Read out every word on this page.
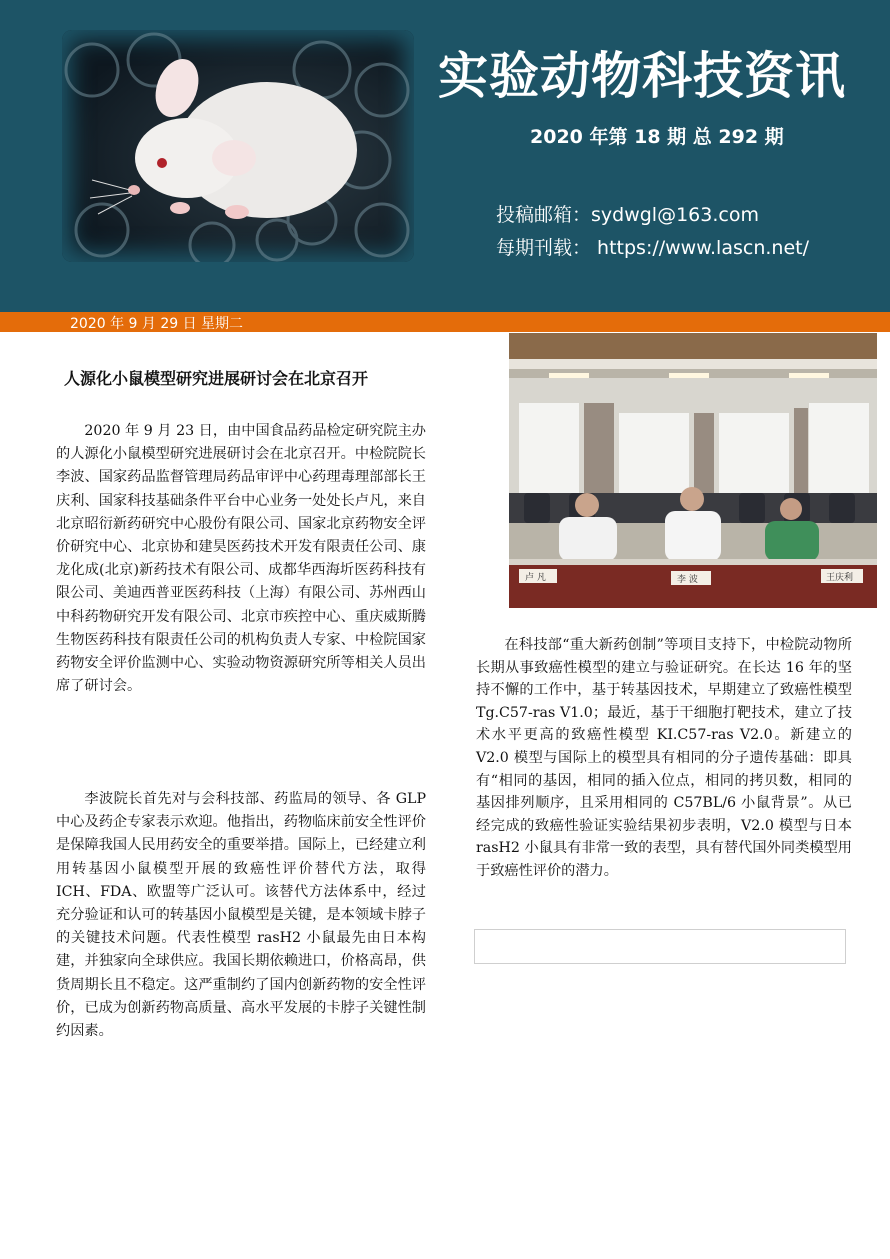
实验动物科技资讯
2020 年第 18 期 总 292 期
投稿邮箱：sydwgl@163.com
每期刊载： https://www.lascn.net/
2020 年 9 月 29 日 星期二
人源化小鼠模型研究进展研讨会在北京召开

2020 年 9 月 23 日，由中国食品药品检定研究院主办的人源化小鼠模型研究进展研讨会在北京召开。中检院院长李波、国家药品监督管理局药品审评中心药理毒理部部长王庆利、国家科技基础条件平台中心业务一处处长卢凡，来自北京昭衍新药研究中心股份有限公司、国家北京药物安全评价研究中心、北京协和建昊医药技术开发有限责任公司、康龙化成(北京)新药技术有限公司、成都华西海圻医药科技有限公司、美迪西普亚医药科技（上海）有限公司、苏州西山中科药物研究开发有限公司、北京市疾控中心、重庆威斯腾生物医药科技有限责任公司的机构负责人专家、中检院国家药物安全评价监测中心、实验动物资源研究所等相关人员出席了研讨会。

李波院长首先对与会科技部、药监局的领导、各 GLP 中心及药企专家表示欢迎。他指出，药物临床前安全性评价是保障我国人民用药安全的重要举措。国际上，已经建立利用转基因小鼠模型开展的致癌性评价替代方法，取得 ICH、FDA、欧盟等广泛认可。该替代方法体系中，经过充分验证和认可的转基因小鼠模型是关键，是本领域卡脖子的关键技术问题。代表性模型 rasH2 小鼠最先由日本构建，并独家向全球供应。我国长期依赖进口，价格高昂，供货周期长且不稳定。这严重制约了国内创新药物的安全性评价，已成为创新药物高质量、高水平发展的卡脖子关键性制约因素。

卢 凡	李 波	王庆利

在科技部“重大新药创制”等项目支持下，中检院动物所长期从事致癌性模型的建立与验证研究。在长达 16 年的坚持不懈的工作中，基于转基因技术，早期建立了致癌性模型 Tg.C57-ras V1.0；最近，基于干细胞打靶技术，建立了技术水平更高的致癌性模型 KI.C57-ras V2.0。新建立的 V2.0 模型与国际上的模型具有相同的分子遗传基础：即具有“相同的基因，相同的插入位点，相同的拷贝数，相同的基因排列顺序，且采用相同的 C57BL/6 小鼠背景”。从已经完成的致癌性验证实验结果初步表明，V2.0 模型与日本 rasH2 小鼠具有非常一致的表型，具有替代国外同类模型用于致癌性评价的潜力。
